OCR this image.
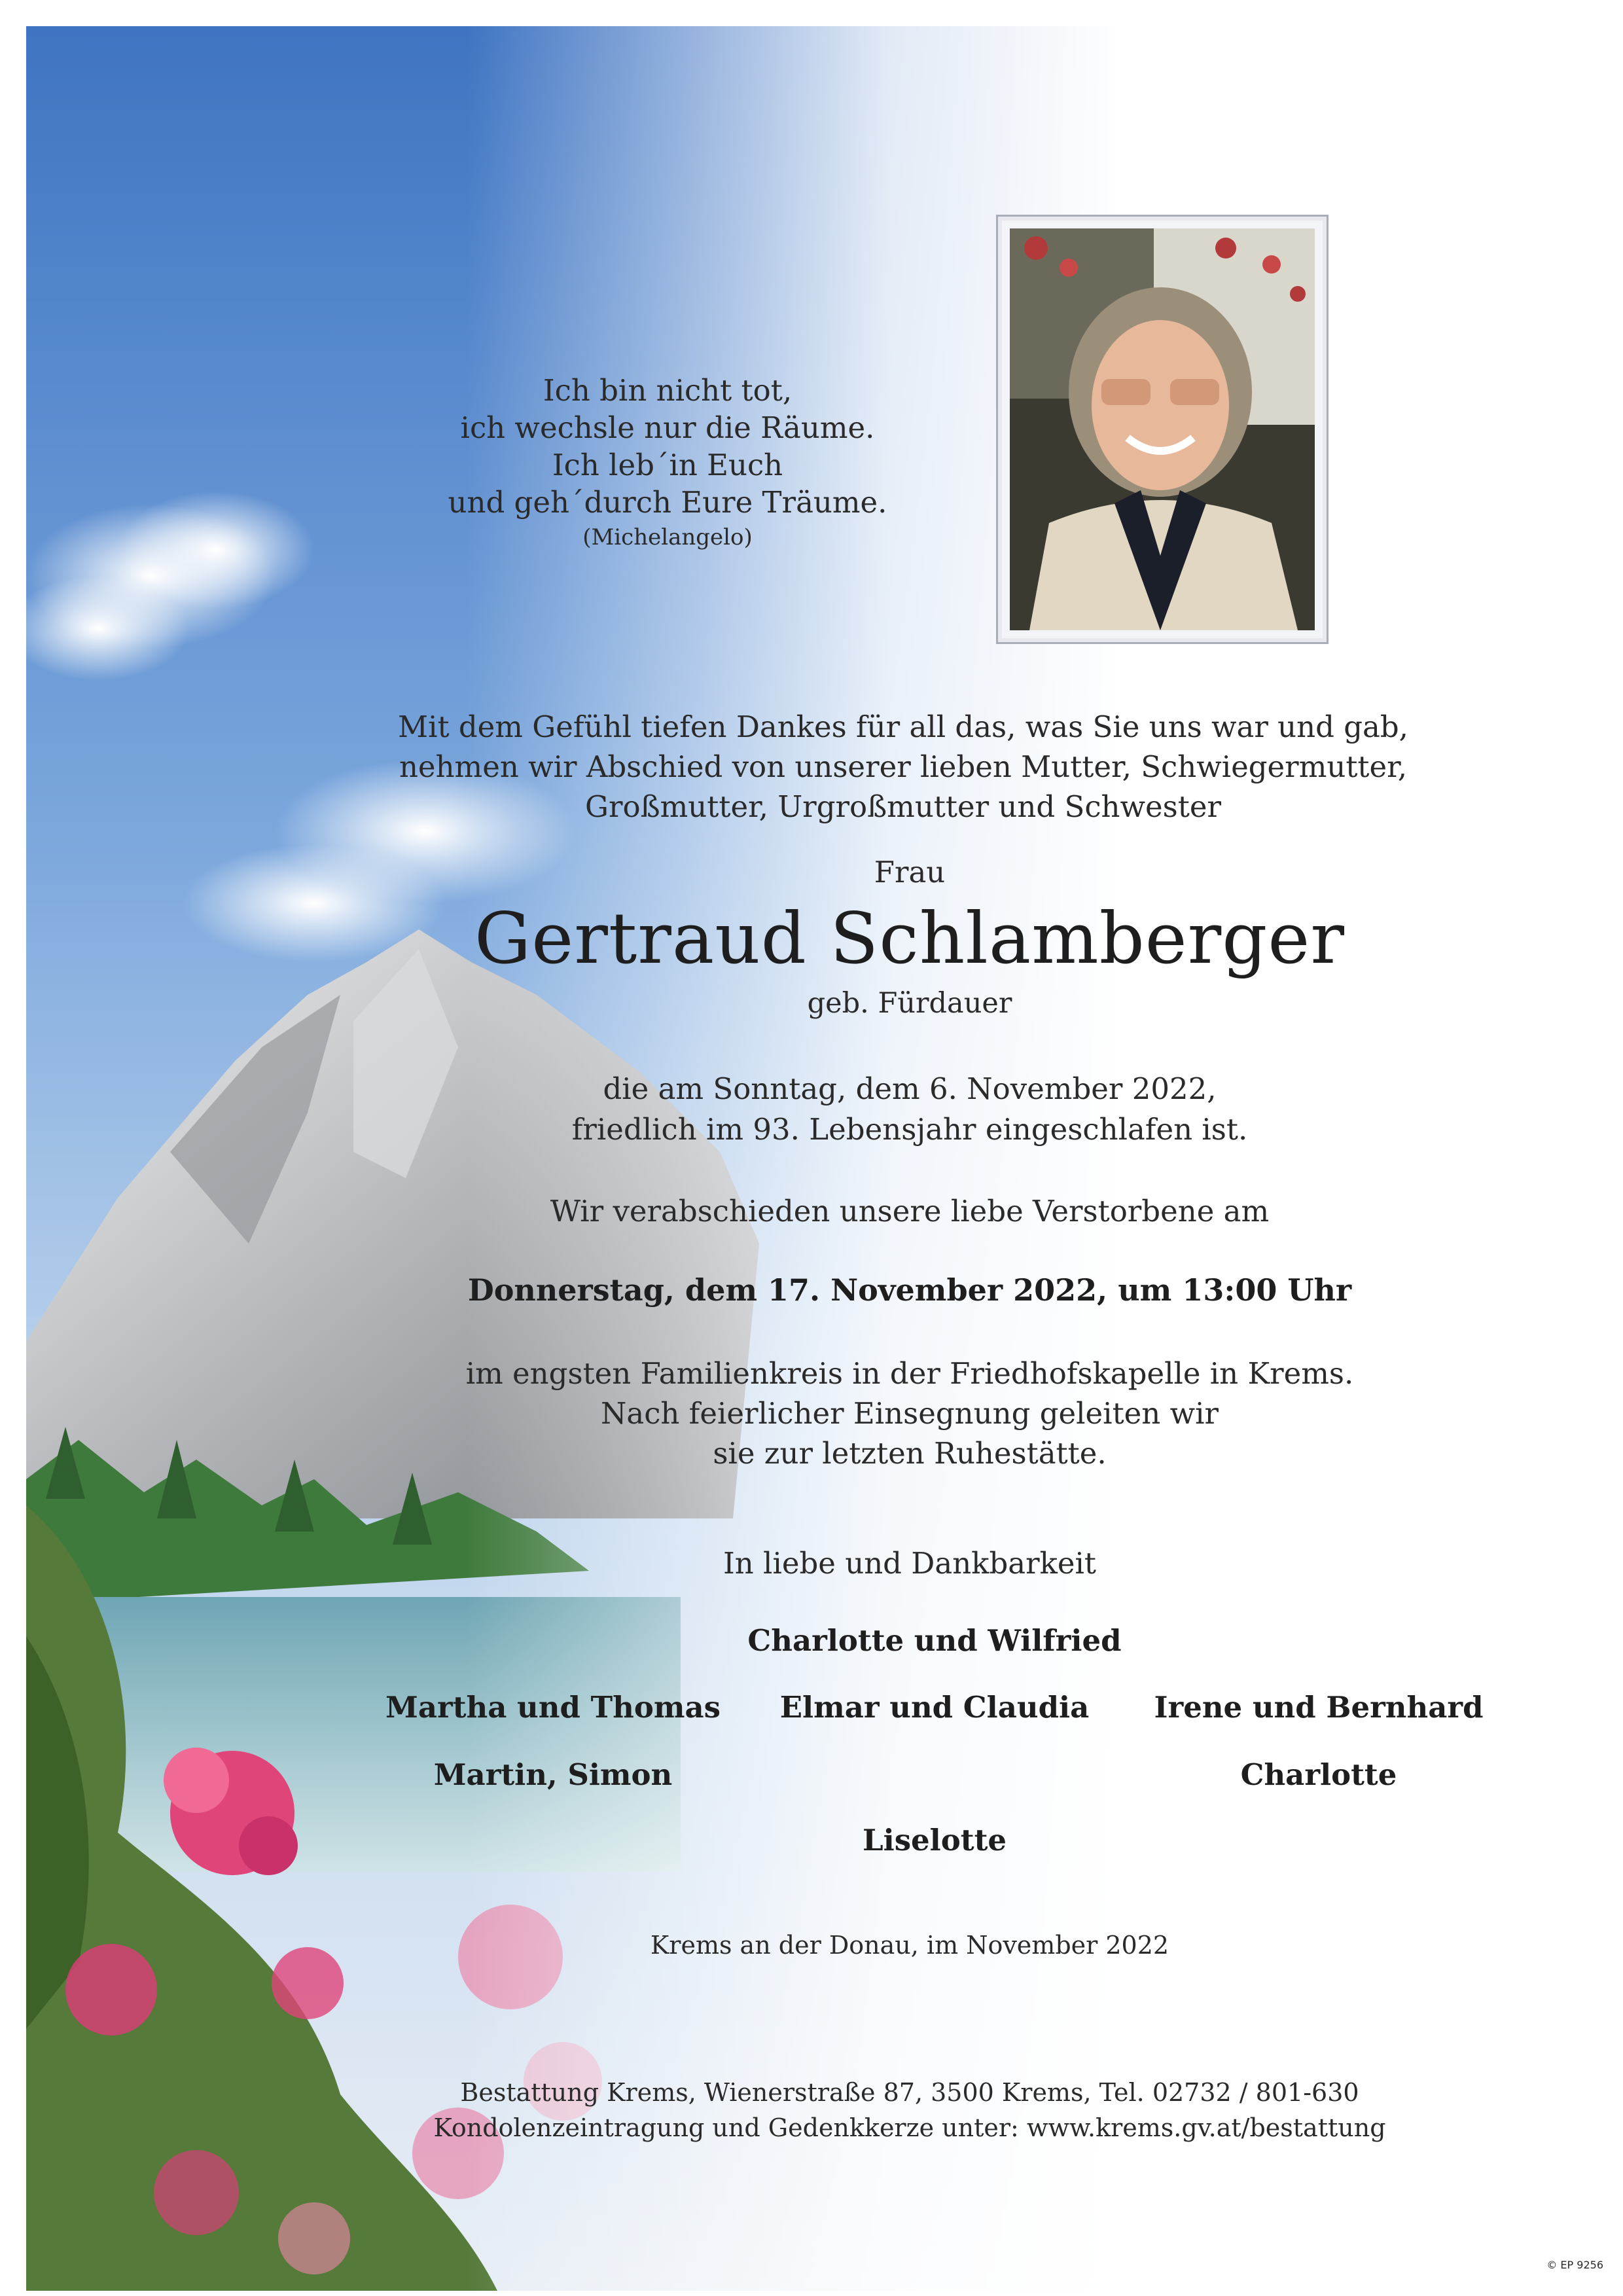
Ich bin nicht tot,
ich wechsle nur die Räume.
Ich leb´in Euch
und geh´durch Eure Träume.
(Michelangelo)
Mit dem Gefühl tiefen Dankes für all das, was Sie uns war und gab,
nehmen wir Abschied von unserer lieben Mutter, Schwiegermutter,
Großmutter, Urgroßmutter und Schwester
Frau
Gertraud Schlamberger
geb. Fürdauer
die am Sonntag, dem 6. November 2022,
friedlich im 93. Lebensjahr eingeschlafen ist.
Wir verabschieden unsere liebe Verstorbene am
Donnerstag, dem 17. November 2022, um 13:00 Uhr
im engsten Familienkreis in der Friedhofskapelle in Krems.
Nach feierlicher Einsegnung geleiten wir
sie zur letzten Ruhestätte.
In liebe und Dankbarkeit
Charlotte und Wilfried
Martha und Thomas	Elmar und Claudia	Irene und Bernhard
Martin, Simon	Charlotte
Liselotte
Krems an der Donau, im November 2022
Bestattung Krems, Wienerstraße 87, 3500 Krems, Tel. 02732 / 801-630
Kondolenzeintragung und Gedenkkerze unter: www.krems.gv.at/bestattung
© EP 9256
